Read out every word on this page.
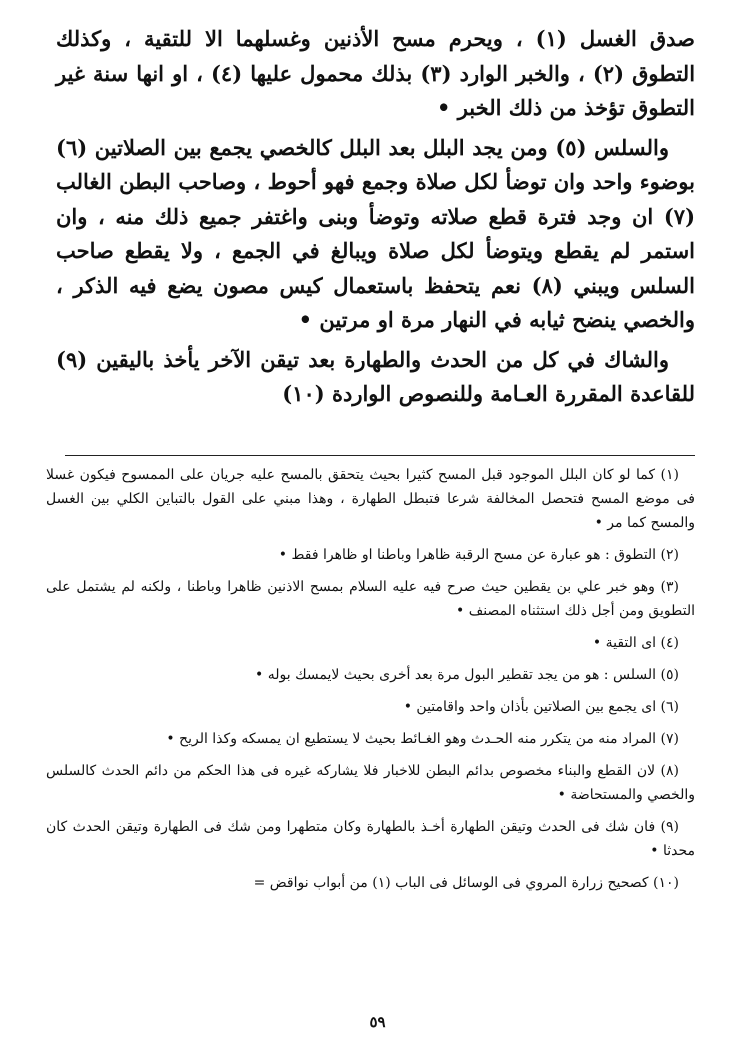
صدق الغسل (١) ، ويحرم مسح الأذنين وغسلهما الا للتقية ، وكذلك التطوق (٢) ، والخبر الوارد (٣) بذلك محمول عليها (٤) ، او انها سنة غير التطوق تؤخذ من ذلك الخبر •

والسلس (٥) ومن يجد البلل بعد البلل كالخصي يجمع بين الصلاتين (٦) بوضوء واحد وان توضأ لكل صلاة وجمع فهو أحوط ، وصاحب البطن الغالب (٧) ان وجد فترة قطع صلاته وتوضأ وبنى واغتفر جميع ذلك منه ، وان استمر لم يقطع ويتوضأ لكل صلاة ويبالغ في الجمع ، ولا يقطع صاحب السلس ويبني (٨) نعم يتحفظ باستعمال كيس مصون يضع فيه الذكر ، والخصي ينضح ثيابه في النهار مرة او مرتين •

والشاك في كل من الحدث والطهارة بعد تيقن الآخر يأخذ باليقين (٩) للقاعدة المقررة العـامة وللنصوص الواردة (١٠)

(١) كما لو كان البلل الموجود قبل المسح كثيرا بحيث يتحقق بالمسح عليه جريان على الممسوح فيكون غسلا فى موضع المسح فتحصل المخالفة شرعا فتبطل الطهارة ، وهذا مبني على القول بالتباين الكلي بين الغسل والمسح كما مر •

(٢) التطوق : هو عبارة عن مسح الرقبة ظاهرا وباطنا او ظاهرا فقط •

(٣) وهو خبر علي بن يقطين حيث صرح فيه عليه السلام بمسح الاذنين ظاهرا وباطنا ، ولكنه لم يشتمل على التطويق ومن أجل ذلك استثناه المصنف •

(٤) اى التقية •

(٥) السلس : هو من يجد تقطير البول مرة بعد أخرى بحيث لايمسك بوله •

(٦) اى يجمع بين الصلاتين بأذان واحد واقامتين •

(٧) المراد منه من يتكرر منه الحـدث وهو الغـائط بحيث لا يستطيع ان يمسكه وكذا الريح •

(٨) لان القطع والبناء مخصوص بدائم البطن للاخبار فلا يشاركه غيره فى هذا الحكم من دائم الحدث كالسلس والخصي والمستحاضة •

(٩) فان شك فى الحدث وتيقن الطهارة أخـذ بالطهارة وكان متطهرا ومن شك فى الطهارة وتيقن الحدث كان محدثا •

(١٠) كصحيح زرارة المروي فى الوسائل فى الباب (١) من أبواب نواقض =

٥٩
